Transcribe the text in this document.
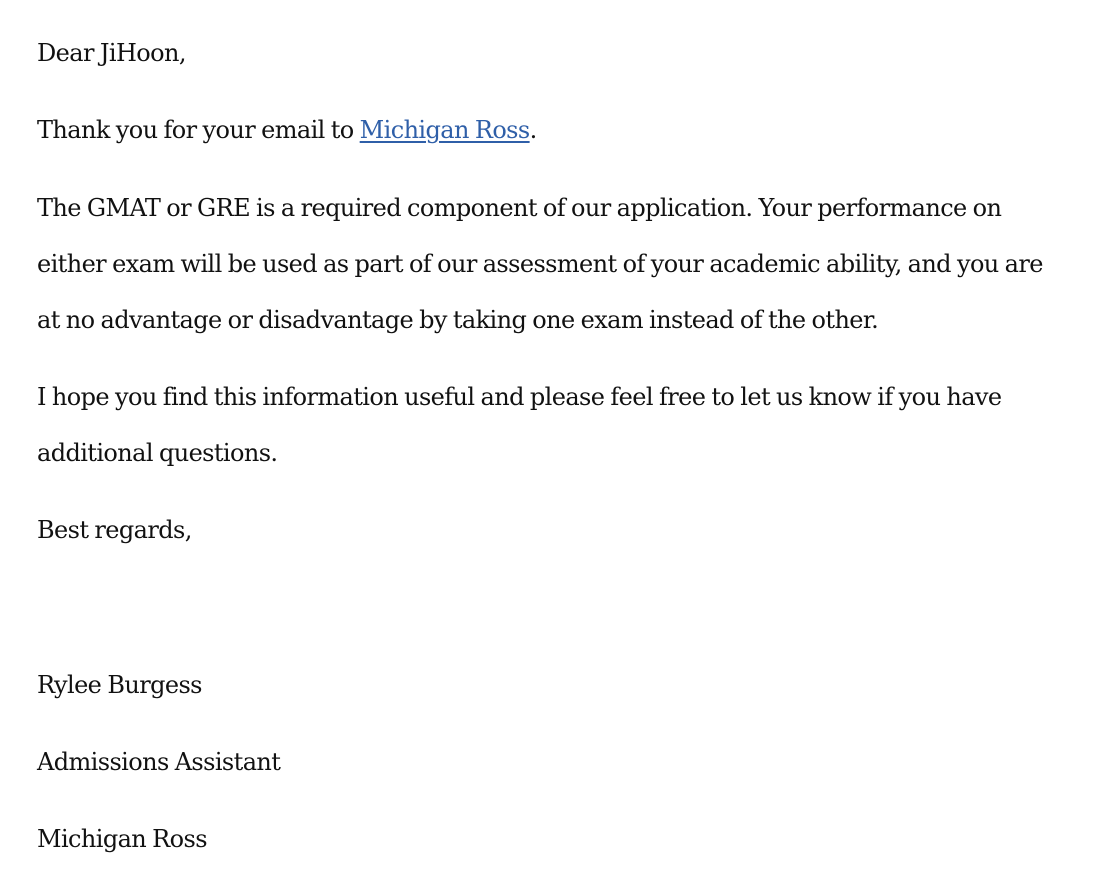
Dear JiHoon,
Thank you for your email to Michigan Ross.
The GMAT or GRE is a required component of our application. Your performance on
either exam will be used as part of our assessment of your academic ability, and you are
at no advantage or disadvantage by taking one exam instead of the other.
I hope you find this information useful and please feel free to let us know if you have
additional questions.
Best regards,
Rylee Burgess
Admissions Assistant
Michigan Ross
